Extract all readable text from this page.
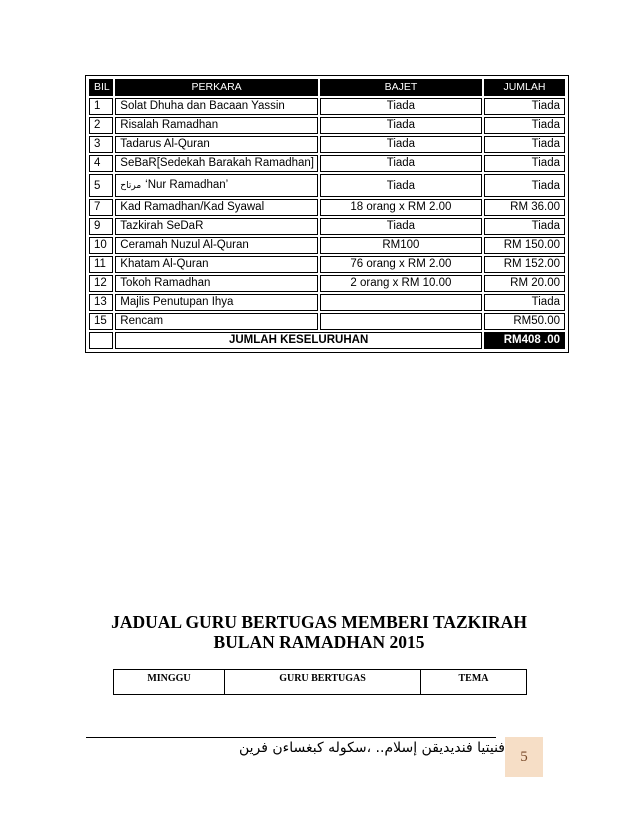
BIL	PERKARA	BAJET	JUMLAH
1	Solat Dhuha dan Bacaan Yassin	Tiada	Tiada
2	Risalah Ramadhan	Tiada	Tiada
3	Tadarus Al-Quran	Tiada	Tiada
4	SeBaR[Sedekah Barakah Ramadhan]	Tiada	Tiada
5	مرتاح ‘Nur Ramadhan’	Tiada	Tiada
7	Kad Ramadhan/Kad Syawal	18 orang x RM 2.00	RM 36.00
9	Tazkirah SeDaR	Tiada	Tiada
10	Ceramah Nuzul Al-Quran	RM100	RM 150.00
11	Khatam Al-Quran	76 orang x RM 2.00	RM 152.00
12	Tokoh Ramadhan	2 orang x RM 10.00	RM 20.00
13	Majlis Penutupan Ihya		Tiada
15	Rencam		RM50.00
	JUMLAH KESELURUHAN		RM408 .00
JADUAL GURU BERTUGAS MEMBERI TAZKIRAH
BULAN RAMADHAN 2015
MINGGU	GURU BERTUGAS	TEMA
فنيتيا فنديديقن إسلام.. ،سكوله كبغساءن فرين
5
